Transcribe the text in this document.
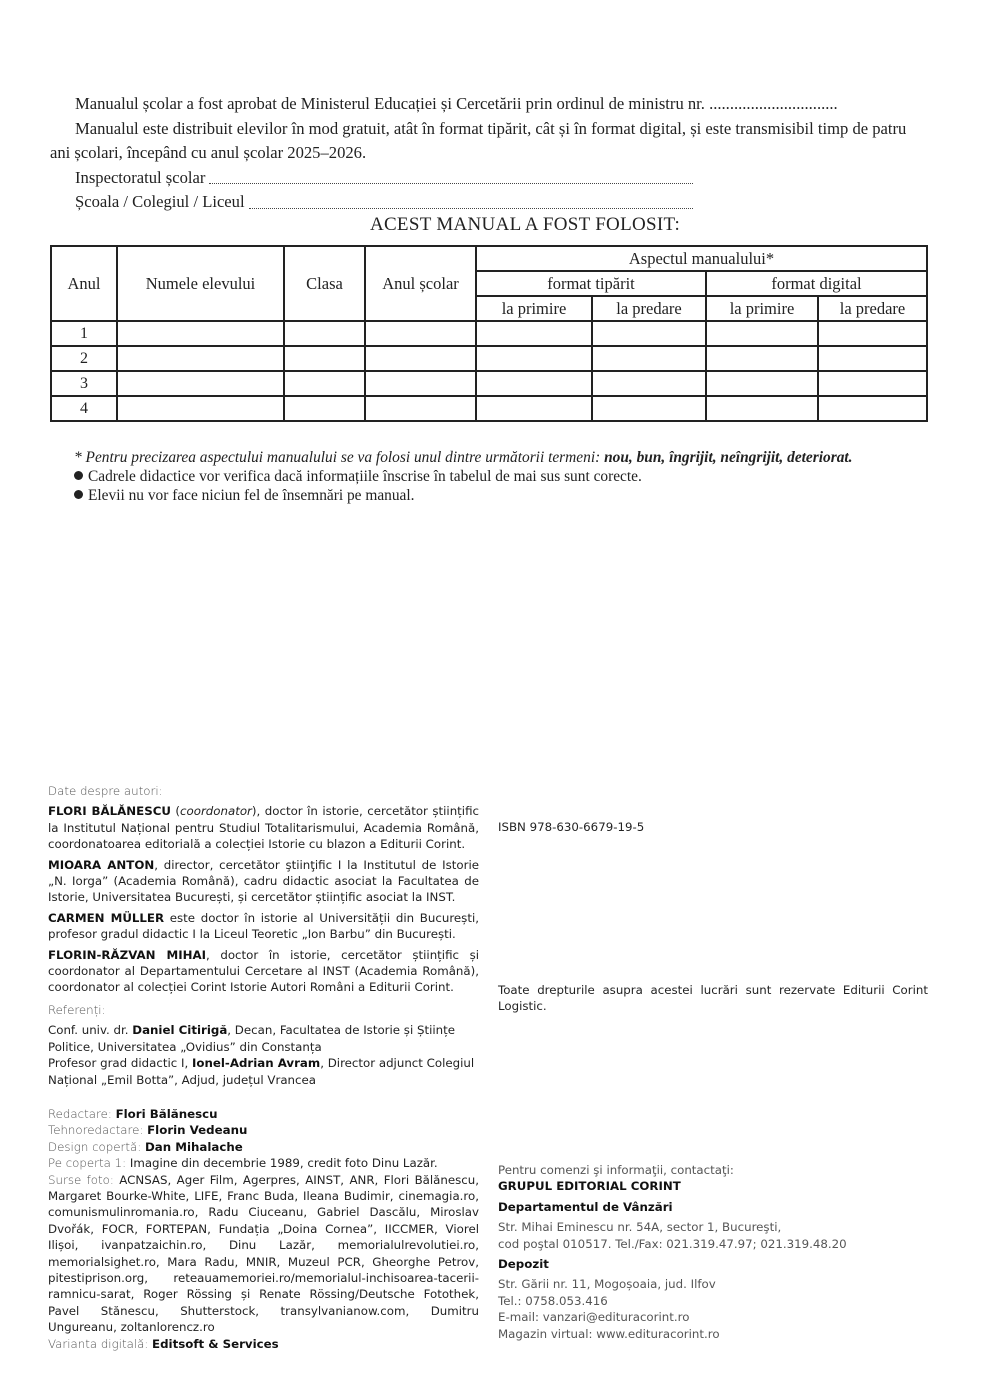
Manualul școlar a fost aprobat de Ministerul Educației și Cercetării prin ordinul de ministru nr. ...............................

Manualul este distribuit elevilor în mod gratuit, atât în format tipărit, cât și în format digital, și este transmisibil timp de patru ani școlari, începând cu anul școlar 2025–2026.

Inspectoratul școlar
Școala / Colegiul / Liceul
ACEST MANUAL A FOST FOLOSIT:
Anul	Numele elevului	Clasa	Anul școlar	Aspectul manualului*			
				format tipărit		format digital	
				la primire	la predare	la primire	la predare
1							
2							
3							
4							

* Pentru precizarea aspectului manualului se va folosi unul dintre următorii termeni: nou, bun, îngrijit, neîngrijit, deteriorat.

Cadrele didactice vor verifica dacă informațiile înscrise în tabelul de mai sus sunt corecte.

Elevii nu vor face niciun fel de însemnări pe manual.

Date despre autori:

FLORI BĂLĂNESCU (coordonator), doctor în istorie, cercetător științific la Institutul Național pentru Studiul Totalitarismului, Academia Română, coordonatoarea editorială a colecției Istorie cu blazon a Editurii Corint.

MIOARA ANTON, director, cercetător ştiinţific I la Institutul de Istorie „N. Iorga” (Academia Română), cadru didactic asociat la Facultatea de Istorie, Universitatea București, și cercetător științific asociat la INST.

CARMEN MÜLLER este doctor în istorie al Universității din București, profesor gradul didactic I la Liceul Teoretic „Ion Barbu” din București.

FLORIN-RĂZVAN MIHAI, doctor în istorie, cercetător științific și coordonator al Departamentului Cercetare al INST (Academia Română), coordonator al colecției Corint Istorie Autori Români a Editurii Corint.

Referenți:

Conf. univ. dr. Daniel Citirigă, Decan, Facultatea de Istorie și Științe Politice, Universitatea „Ovidius” din Constanța

Profesor grad didactic I, Ionel-Adrian Avram, Director adjunct Colegiul Național „Emil Botta”, Adjud, județul Vrancea

Redactare: Flori Bălănescu
Tehnoredactare: Florin Vedeanu
Design copertă: Dan Mihalache
Pe coperta 1: Imagine din decembrie 1989, credit foto Dinu Lazăr.

Surse foto: ACNSAS, Ager Film, Agerpres, AINST, ANR, Flori Bălănescu, Margaret Bourke-White, LIFE, Franc Buda, Ileana Budimir, cinemagia.ro, comunismulinromania.ro, Radu Ciuceanu, Gabriel Dascălu, Miroslav Dvořák, FOCR, FORTEPAN, Fundația „Doina Cornea”, IICCMER, Viorel Ilișoi, ivanpatzaichin.ro, Dinu Lazăr, memorialulrevolutiei.ro, memorialsighet.ro, Mara Radu, MNIR, Muzeul PCR, Gheorghe Petrov, pitestiprison.org, reteauamemoriei.ro/memorialul-inchisoarea-tacerii-ramnicu-sarat, Roger Rössing și Renate Rössing/Deutsche Fotothek, Pavel Stănescu, Shutterstock, transylvanianow.com, Dumitru Ungureanu, zoltanlorencz.ro

Varianta digitală: Editsoft & Services
ISBN 978-630-6679-19-5
Toate drepturile asupra acestei lucrări sunt rezervate Editurii Corint Logistic.
Pentru comenzi şi informaţii, contactaţi:
GRUPUL EDITORIAL CORINT
Departamentul de Vânzări
Str. Mihai Eminescu nr. 54A, sector 1, Bucureşti,
cod poştal 010517. Tel./Fax: 021.319.47.97; 021.319.48.20
Depozit
Str. Gării nr. 11, Mogoșoaia, jud. Ilfov
Tel.: 0758.053.416
E-mail: vanzari@edituracorint.ro
Magazin virtual: www.edituracorint.ro
